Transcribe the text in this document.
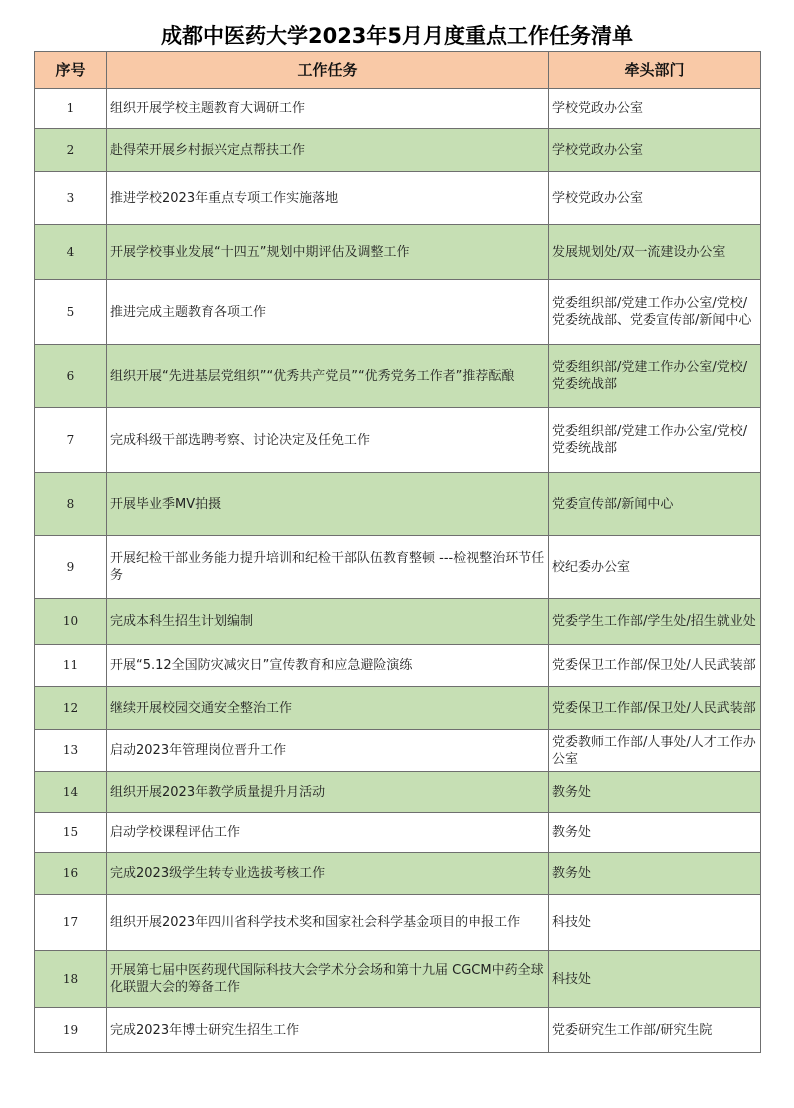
成都中医药大学2023年5月月度重点工作任务清单
序号	工作任务	牵头部门
1	组织开展学校主题教育大调研工作	学校党政办公室
2	赴得荣开展乡村振兴定点帮扶工作	学校党政办公室
3	推进学校2023年重点专项工作实施落地	学校党政办公室
4	开展学校事业发展“十四五”规划中期评估及调整工作	发展规划处/双一流建设办公室
5	推进完成主题教育各项工作	党委组织部/党建工作办公室/党校/党委统战部、党委宣传部/新闻中心
6	组织开展“先进基层党组织”“优秀共产党员”“优秀党务工作者”推荐酝酿	党委组织部/党建工作办公室/党校/党委统战部
7	完成科级干部选聘考察、讨论决定及任免工作	党委组织部/党建工作办公室/党校/党委统战部
8	开展毕业季MV拍摄	党委宣传部/新闻中心
9	开展纪检干部业务能力提升培训和纪检干部队伍教育整顿 ---检视整治环节任务	校纪委办公室
10	完成本科生招生计划编制	党委学生工作部/学生处/招生就业处
11	开展“5.12全国防灾减灾日”宣传教育和应急避险演练	党委保卫工作部/保卫处/人民武装部
12	继续开展校园交通安全整治工作	党委保卫工作部/保卫处/人民武装部
13	启动2023年管理岗位晋升工作	党委教师工作部/人事处/人才工作办公室
14	组织开展2023年教学质量提升月活动	教务处
15	启动学校课程评估工作	教务处
16	完成2023级学生转专业选拔考核工作	教务处
17	组织开展2023年四川省科学技术奖和国家社会科学基金项目的申报工作	科技处
18	开展第七届中医药现代国际科技大会学术分会场和第十九届 CGCM中药全球化联盟大会的筹备工作	科技处
19	完成2023年博士研究生招生工作	党委研究生工作部/研究生院
